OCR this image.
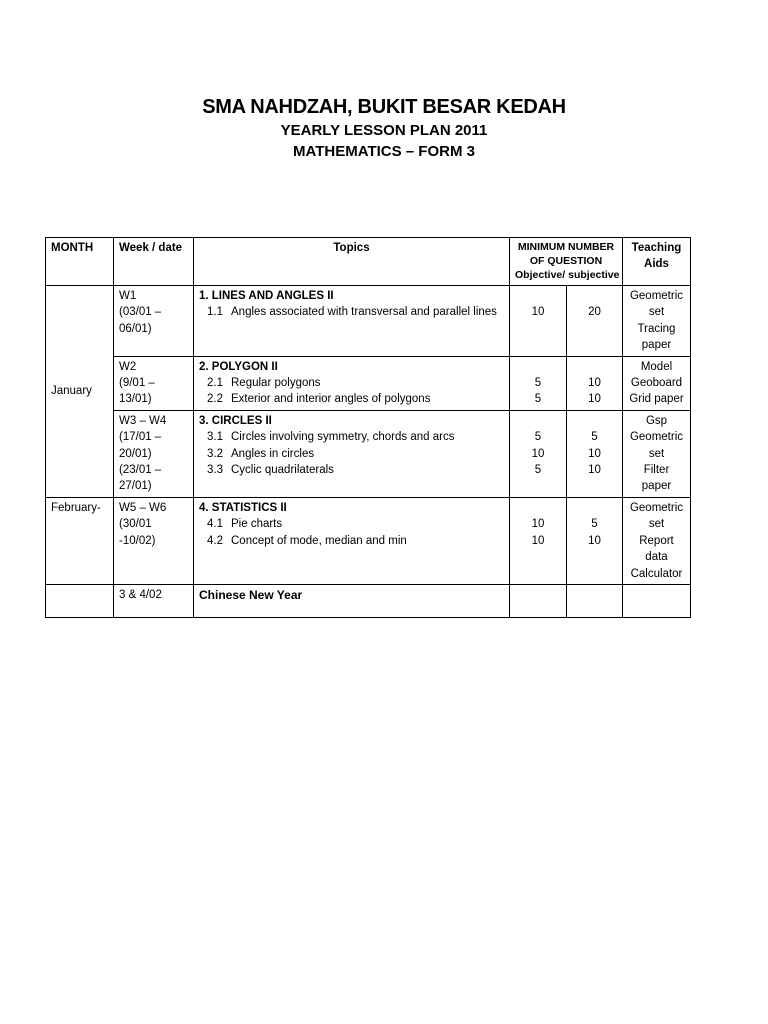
SMA NAHDZAH, BUKIT BESAR KEDAH
YEARLY LESSON PLAN 2011
MATHEMATICS – FORM 3
MONTH	Week / date	Topics	MINIMUM NUMBER
OF QUESTION
Objective/ subjective		Teaching
Aids

January	W1
(03/01 –
06/01)	1. LINES AND ANGLES II
1.1 Angles associated with transversal and parallel lines	10	20	Geometric
set
Tracing
paper

	W2
(9/01 –
13/01)	2. POLYGON II
2.1 Regular polygons
2.2 Exterior and interior angles of polygons	5
5	10
10	Model
Geoboard
Grid paper

	W3 – W4
(17/01 –
20/01)
(23/01 –
27/01)	3. CIRCLES II
3.1 Circles involving symmetry, chords and arcs
3.2 Angles in circles
3.3 Cyclic quadrilaterals	5
10
5	5
10
10	Gsp
Geometric
set
Filter
paper

February-	W5 – W6
(30/01
-10/02)	4. STATISTICS II
4.1 Pie charts
4.2 Concept of mode, median and min	10
10	5
10	Geometric
set
Report
data
Calculator

	3 & 4/02	Chinese New Year			
